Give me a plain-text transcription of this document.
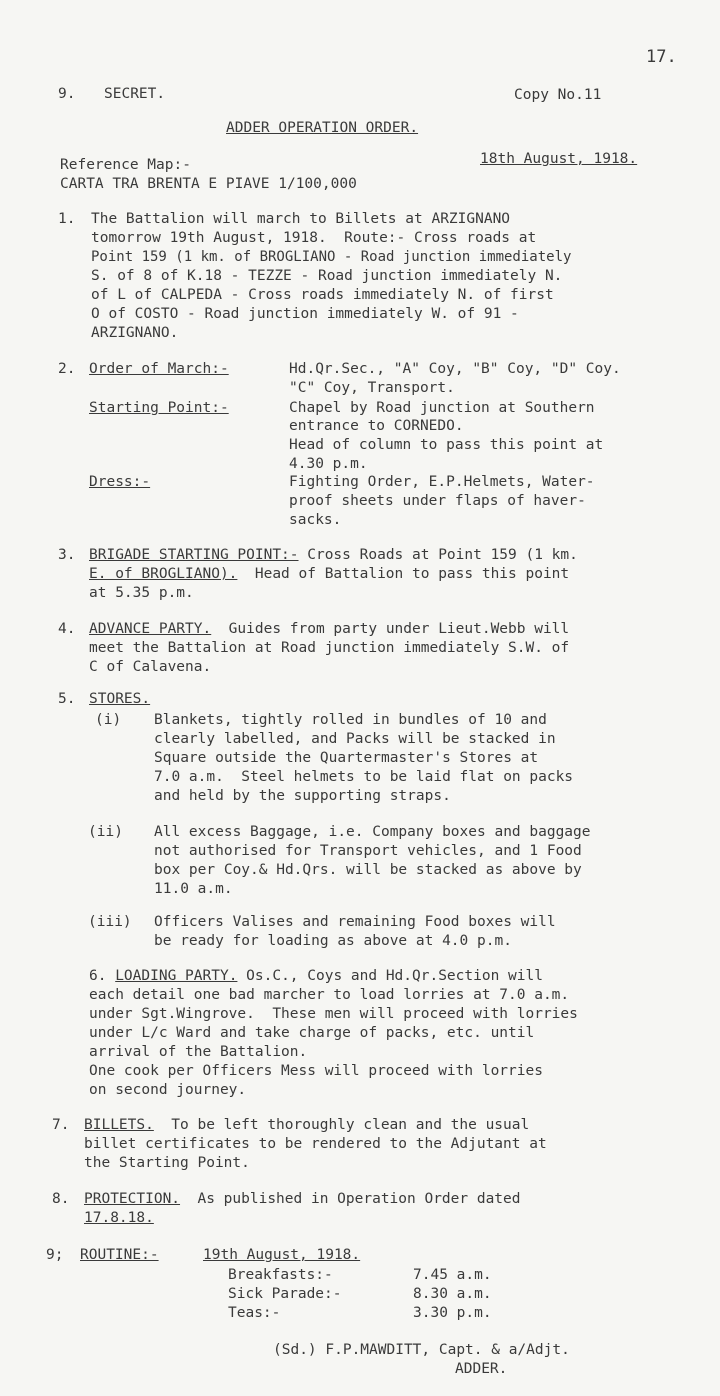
17.
9. SECRET.	Copy No.11
ADDER OPERATION ORDER.
Reference Map:-	18th August, 1918.
CARTA TRA BRENTA E PIAVE 1/100,000
1. The Battalion will march to Billets at ARZIGNANO
tomorrow 19th August, 1918.  Route:- Cross roads at
Point 159 (1 km. of BROGLIANO - Road junction immediately
S. of 8 of K.18 - TEZZE - Road junction immediately N.
of L of CALPEDA - Cross roads immediately N. of first
O of COSTO - Road junction immediately W. of 91 -
ARZIGNANO.
2. Order of March:-	Hd.Qr.Sec., "A" Coy, "B" Coy, "D" Coy.
"C" Coy, Transport.
Starting Point:-	Chapel by Road junction at Southern
entrance to CORNEDO.
Head of column to pass this point at
4.30 p.m.
Dress:-	Fighting Order, E.P.Helmets, Water-
proof sheets under flaps of haver-
sacks.
3. BRIGADE STARTING POINT:- Cross Roads at Point 159 (1 km.
E. of BROGLIANO).  Head of Battalion to pass this point
at 5.35 p.m.
4. ADVANCE PARTY.  Guides from party under Lieut.Webb will
meet the Battalion at Road junction immediately S.W. of
C of Calavena.
5. STORES.
(i) Blankets, tightly rolled in bundles of 10 and
clearly labelled, and Packs will be stacked in
Square outside the Quartermaster's Stores at
7.0 a.m.  Steel helmets to be laid flat on packs
and held by the supporting straps.
(ii) All excess Baggage, i.e. Company boxes and baggage
not authorised for Transport vehicles, and 1 Food
box per Coy.& Hd.Qrs. will be stacked as above by
11.0 a.m.
(iii) Officers Valises and remaining Food boxes will
be ready for loading as above at 4.0 p.m.
6. LOADING PARTY. Os.C., Coys and Hd.Qr.Section will
each detail one bad marcher to load lorries at 7.0 a.m.
under Sgt.Wingrove.  These men will proceed with lorries
under L/c Ward and take charge of packs, etc. until
arrival of the Battalion.
One cook per Officers Mess will proceed with lorries
on second journey.
7. BILLETS.  To be left thoroughly clean and the usual
billet certificates to be rendered to the Adjutant at
the Starting Point.
8. PROTECTION.  As published in Operation Order dated
17.8.18.
9; ROUTINE:-	19th August, 1918.
Breakfasts:-	7.45 a.m.
Sick Parade:-	8.30 a.m.
Teas:-	3.30 p.m.
(Sd.) F.P.MAWDITT, Capt. & a/Adjt.
ADDER.
